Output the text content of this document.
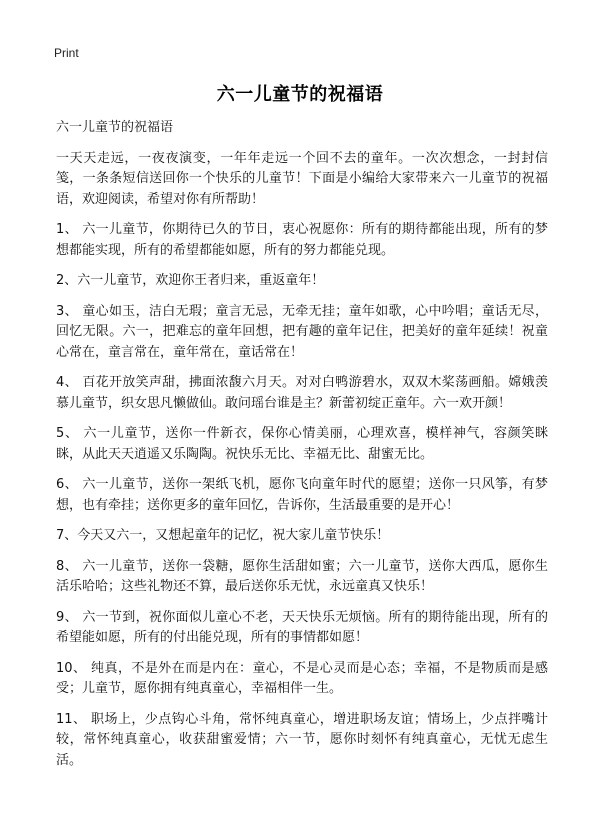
Print
六一儿童节的祝福语

六一儿童节的祝福语

一天天走远，一夜夜演变，一年年走远一个回不去的童年。一次次想念，一封封信笺，一条条短信送回你一个快乐的儿童节！下面是小编给大家带来六一儿童节的祝福语，欢迎阅读，希望对你有所帮助！

1、 六一儿童节，你期待已久的节日，衷心祝愿你：所有的期待都能出现，所有的梦想都能实现，所有的希望都能如愿，所有的努力都能兑现。

2、六一儿童节，欢迎你王者归来，重返童年！

3、 童心如玉，洁白无瑕；童言无忌，无牵无挂；童年如歌，心中吟唱；童话无尽，回忆无限。六一，把难忘的童年回想，把有趣的童年记住，把美好的童年延续！祝童心常在，童言常在，童年常在，童话常在！

4、 百花开放笑声甜，拂面浓馥六月天。对对白鸭游碧水，双双木桨荡画船。嫦娥羡慕儿童节，织女思凡懒做仙。敢问瑶台谁是主？新蕾初绽正童年。六一欢开颜！

5、 六一儿童节，送你一件新衣，保你心情美丽，心理欢喜，模样神气，容颜笑眯眯，从此天天逍遥又乐陶陶。祝快乐无比、幸福无比、甜蜜无比。

6、 六一儿童节，送你一架纸飞机，愿你飞向童年时代的愿望；送你一只风筝，有梦想，也有牵挂；送你更多的童年回忆，告诉你，生活最重要的是开心！

7、今天又六一，又想起童年的记忆，祝大家儿童节快乐！

8、 六一儿童节，送你一袋糖，愿你生活甜如蜜；六一儿童节，送你大西瓜，愿你生活乐哈哈；这些礼物还不算，最后送你乐无忧，永远童真又快乐！

9、 六一节到，祝你面似儿童心不老，天天快乐无烦恼。所有的期待能出现，所有的希望能如愿，所有的付出能兑现，所有的事情都如愿！

10、 纯真，不是外在而是内在：童心，不是心灵而是心态；幸福，不是物质而是感受；儿童节，愿你拥有纯真童心，幸福相伴一生。

11、 职场上，少点钩心斗角，常怀纯真童心，增进职场友谊；情场上，少点拌嘴计较，常怀纯真童心，收获甜蜜爱情；六一节，愿你时刻怀有纯真童心，无忧无虑生活。
